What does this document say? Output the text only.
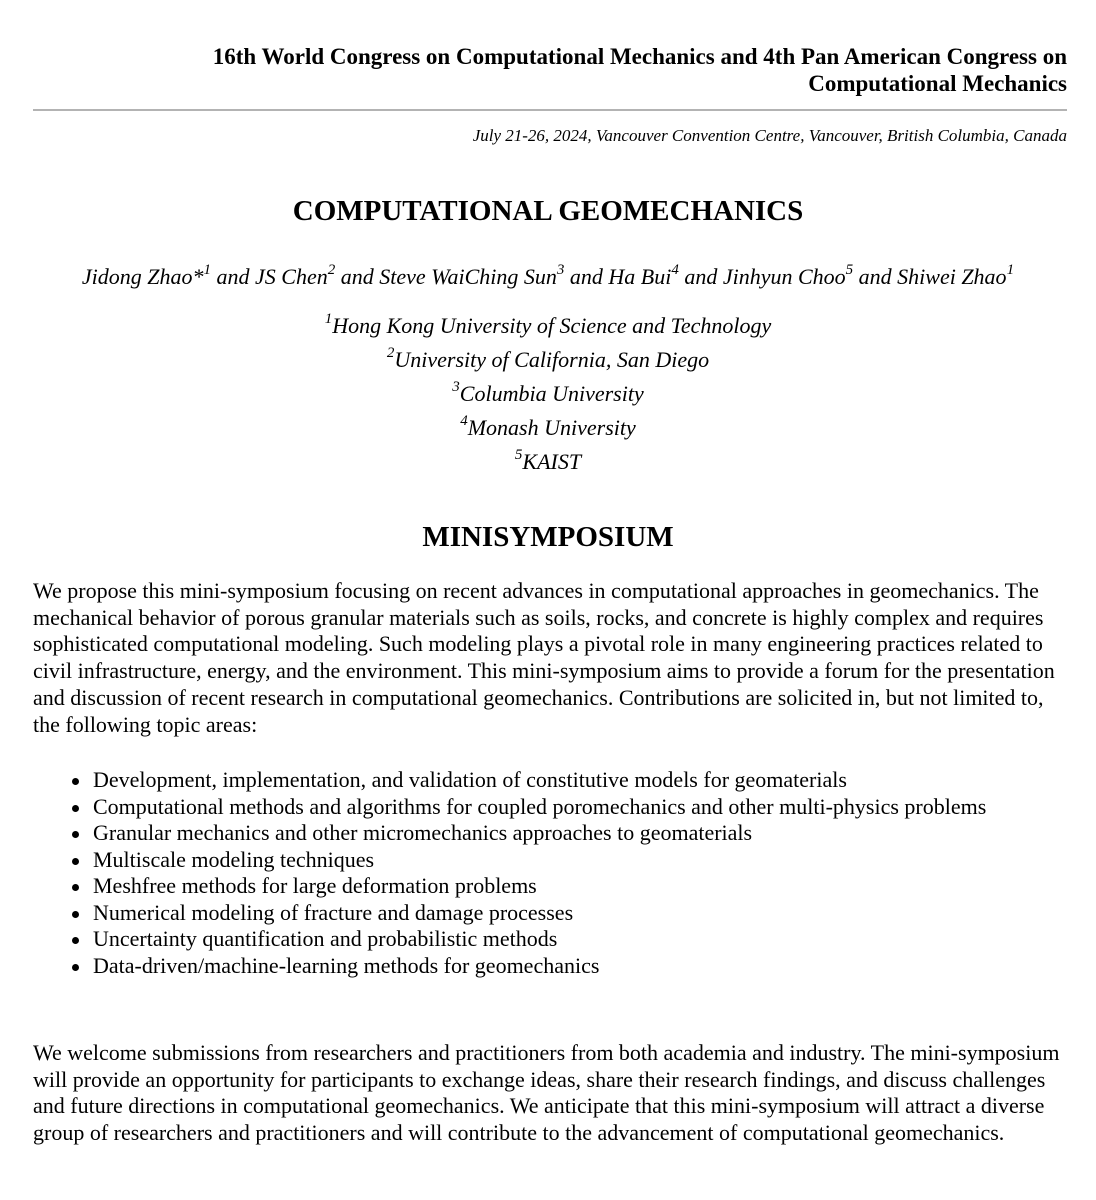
16th World Congress on Computational Mechanics and 4th Pan American Congress on Computational Mechanics
July 21-26, 2024, Vancouver Convention Centre, Vancouver, British Columbia, Canada
COMPUTATIONAL GEOMECHANICS
Jidong Zhao*$^1$ and JS Chen$^2$ and Steve WaiChing Sun$^3$ and Ha Bui$^4$ and Jinhyun Choo$^5$ and Shiwei Zhao$^1$
$^1$Hong Kong University of Science and Technology
$^2$University of California, San Diego
$^3$Columbia University
$^4$Monash University
$^5$KAIST
MINISYMPOSIUM
We propose this mini-symposium focusing on recent advances in computational approaches in geomechanics. The mechanical behavior of porous granular materials such as soils, rocks, and concrete is highly complex and requires sophisticated computational modeling. Such modeling plays a pivotal role in many engineering practices related to civil infrastructure, energy, and the environment. This mini-symposium aims to provide a forum for the presentation and discussion of recent research in computational geomechanics. Contributions are solicited in, but not limited to, the following topic areas:
Development, implementation, and validation of constitutive models for geomaterials
Computational methods and algorithms for coupled poromechanics and other multi-physics problems
Granular mechanics and other micromechanics approaches to geomaterials
Multiscale modeling techniques
Meshfree methods for large deformation problems
Numerical modeling of fracture and damage processes
Uncertainty quantification and probabilistic methods
Data-driven/machine-learning methods for geomechanics
We welcome submissions from researchers and practitioners from both academia and industry. The mini-symposium will provide an opportunity for participants to exchange ideas, share their research findings, and discuss challenges and future directions in computational geomechanics. We anticipate that this mini-symposium will attract a diverse group of researchers and practitioners and will contribute to the advancement of computational geomechanics.
